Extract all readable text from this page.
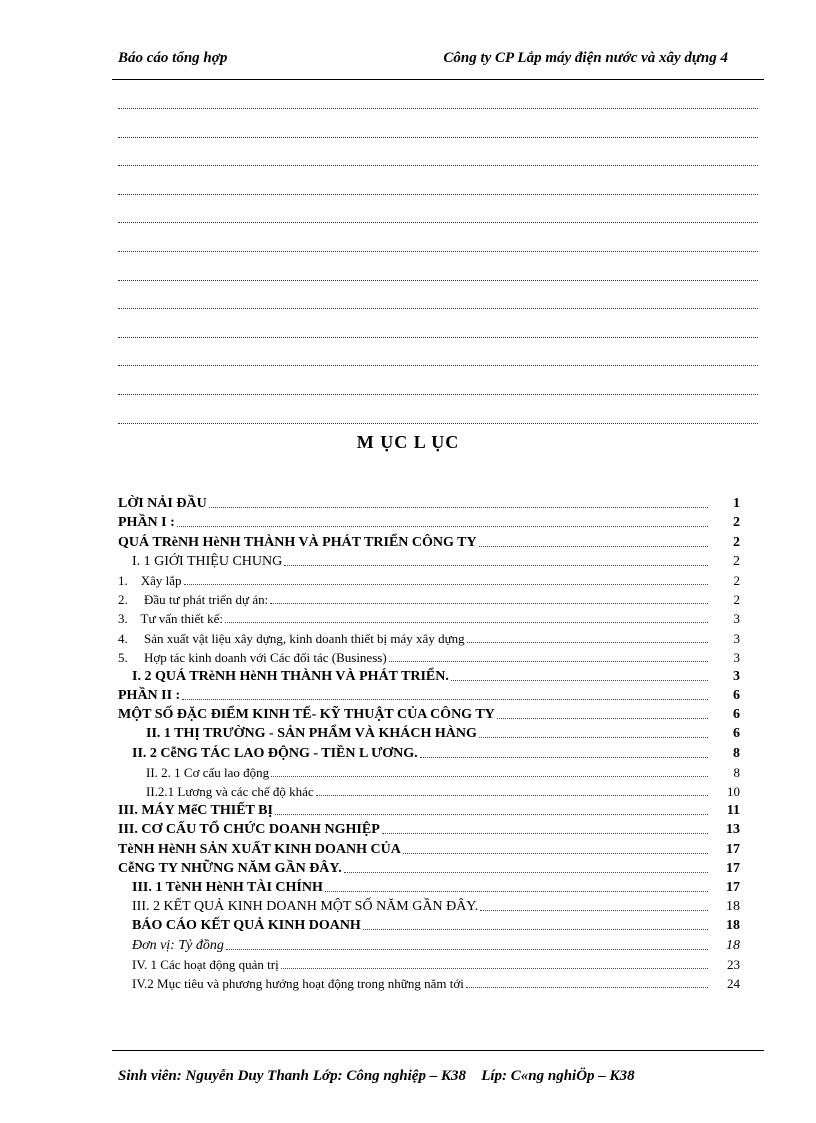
Báo cáo tổng hợp	Công ty CP Lắp máy điện nước và xây dựng 4
M ỤC L ỤC
LỜI NẢI ĐẦU	1
PHẦN I :	2
QUÁ TRèNH HèNH THÀNH VÀ PHÁT TRIỂN CÔNG TY	2
I. 1 GIỚI THIỆU CHUNG	2
1.    Xây lắp	2
2.     Đầu tư phát triển dự án:	2
3.    Tư vấn thiết kế:	3
4.     Sản xuất vật liệu xây dựng, kinh doanh thiết bị máy xây dựng	3
5.     Hợp tác kinh doanh với Các đối tác (Business)	3
I. 2 QUÁ TRèNH HèNH THÀNH VÀ PHÁT TRIỂN.	3
PHẦN II :	6
MỘT SỐ ĐẶC ĐIỂM KINH TẾ- KỸ THUẬT CỦA CÔNG TY	6
II. 1 THỊ TRƯỜNG - SẢN PHẨM VÀ KHÁCH HÀNG	6
II. 2 CễNG TÁC LAO ĐỘNG - TIỀN L ƯƠNG.	8
II. 2. 1 Cơ cấu lao động	8
II.2.1 Lương và các chế độ khác	10
III. MÁY MểC THIẾT BỊ	11
III. CƠ CẤU TỔ CHỨC DOANH NGHIỆP	13
TèNH HèNH SẢN XUẤT KINH DOANH CỦA	17
CễNG TY NHỮNG NĂM GẦN ĐÂY.	17
III. 1 TèNH HèNH TÀI CHÍNH	17
III. 2 KẾT QUẢ KINH DOANH MỘT SỐ NĂM GẦN ĐÂY.	18
BÁO CÁO KẾT QUẢ KINH DOANH	18
Đơn vị: Tỷ đồng	18
IV. 1 Các hoạt động quản trị	23
IV.2 Mục tiêu và phương hướng hoạt động trong những năm tới	24
Sinh viên: Nguyễn Duy Thanh Lớp: Công nghiệp – K38 Líp: C«ng nghiÖp – K38
